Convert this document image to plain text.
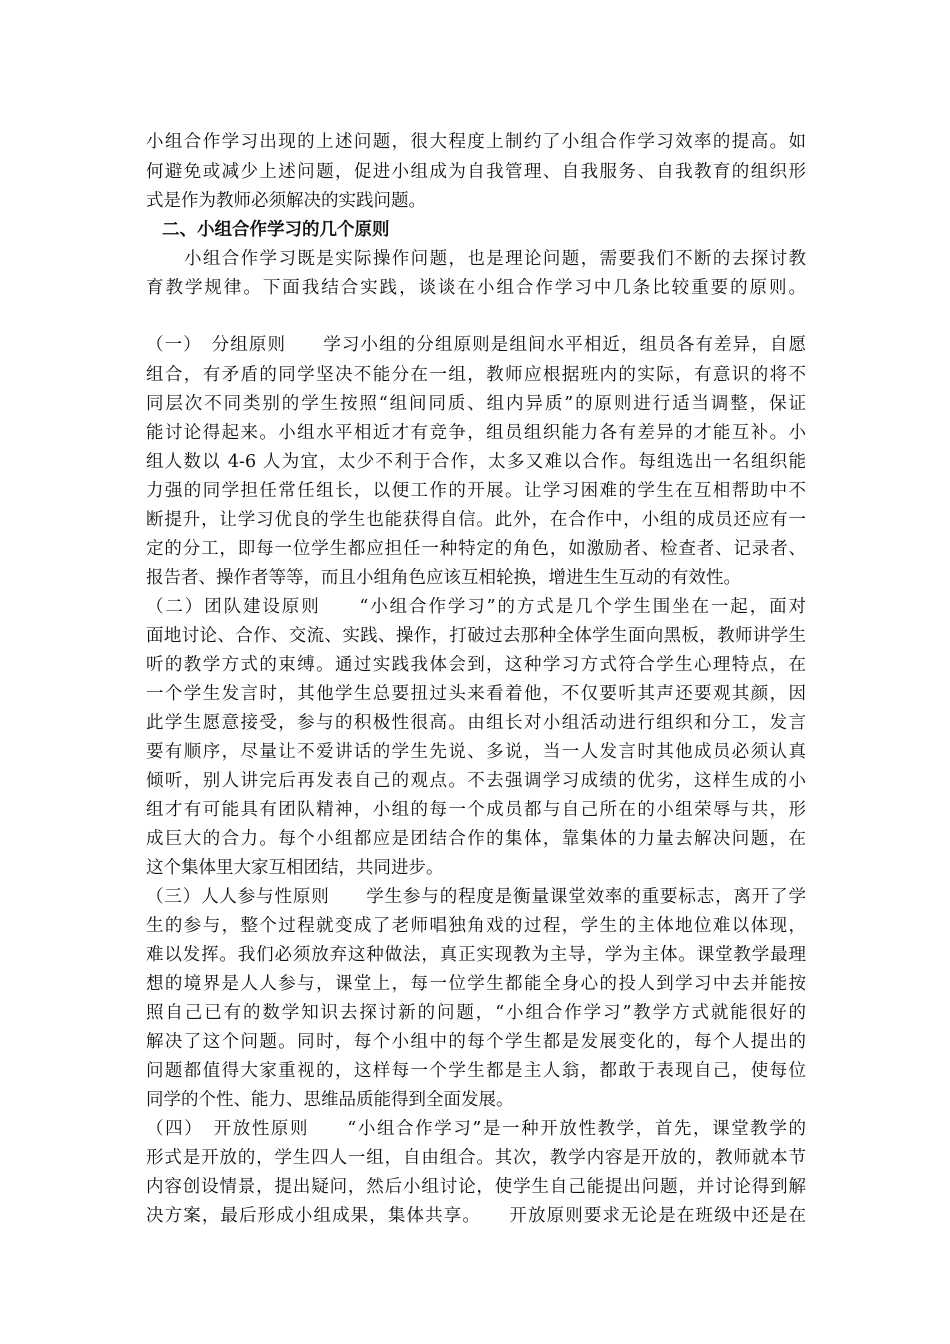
小组合作学习出现的上述问题，很大程度上制约了小组合作学习效率的提高。如
何避免或减少上述问题，促进小组成为自我管理、自我服务、自我教育的组织形
式是作为教师必须解决的实践问题。
二、小组合作学习的几个原则
小组合作学习既是实际操作问题，也是理论问题，需要我们不断的去探讨教
育教学规律。下面我结合实践，谈谈在小组合作学习中几条比较重要的原则。
（一）　分组原则　　学习小组的分组原则是组间水平相近，组员各有差异，自愿
组合，有矛盾的同学坚决不能分在一组，教师应根据班内的实际，有意识的将不
同层次不同类别的学生按照“组间同质、组内异质”的原则进行适当调整，保证
能讨论得起来。小组水平相近才有竞争，组员组织能力各有差异的才能互补。小
组人数以 4-6 人为宜，太少不利于合作，太多又难以合作。每组选出一名组织能
力强的同学担任常任组长，以便工作的开展。让学习困难的学生在互相帮助中不
断提升，让学习优良的学生也能获得自信。此外，在合作中，小组的成员还应有一
定的分工，即每一位学生都应担任一种特定的角色，如激励者、检查者、记录者、
报告者、操作者等等，而且小组角色应该互相轮换，增进生生互动的有效性。
（二）团队建设原则　　“小组合作学习”的方式是几个学生围坐在一起，面对
面地讨论、合作、交流、实践、操作，打破过去那种全体学生面向黑板，教师讲学生
听的教学方式的束缚。通过实践我体会到，这种学习方式符合学生心理特点，在
一个学生发言时，其他学生总要扭过头来看着他，不仅要听其声还要观其颜，因
此学生愿意接受，参与的积极性很高。由组长对小组活动进行组织和分工，发言
要有顺序，尽量让不爱讲话的学生先说、多说，当一人发言时其他成员必须认真
倾听，别人讲完后再发表自己的观点。不去强调学习成绩的优劣，这样生成的小
组才有可能具有团队精神，小组的每一个成员都与自己所在的小组荣辱与共，形
成巨大的合力。每个小组都应是团结合作的集体，靠集体的力量去解决问题，在
这个集体里大家互相团结，共同进步。
（三）人人参与性原则　　学生参与的程度是衡量课堂效率的重要标志，离开了学
生的参与，整个过程就变成了老师唱独角戏的过程，学生的主体地位难以体现，
难以发挥。我们必须放弃这种做法，真正实现教为主导，学为主体。课堂教学最理
想的境界是人人参与，课堂上，每一位学生都能全身心的投人到学习中去并能按
照自己已有的数学知识去探讨新的问题，“小组合作学习”教学方式就能很好的
解决了这个问题。同时，每个小组中的每个学生都是发展变化的，每个人提出的
问题都值得大家重视的，这样每一个学生都是主人翁，都敢于表现自己，使每位
同学的个性、能力、思维品质能得到全面发展。
（四）　开放性原则　　“小组合作学习”是一种开放性教学，首先，课堂教学的
形式是开放的，学生四人一组，自由组合。其次，教学内容是开放的，教师就本节
内容创设情景，提出疑问，然后小组讨论，使学生自己能提出问题，并讨论得到解
决方案，最后形成小组成果，集体共享。　　开放原则要求无论是在班级中还是在
